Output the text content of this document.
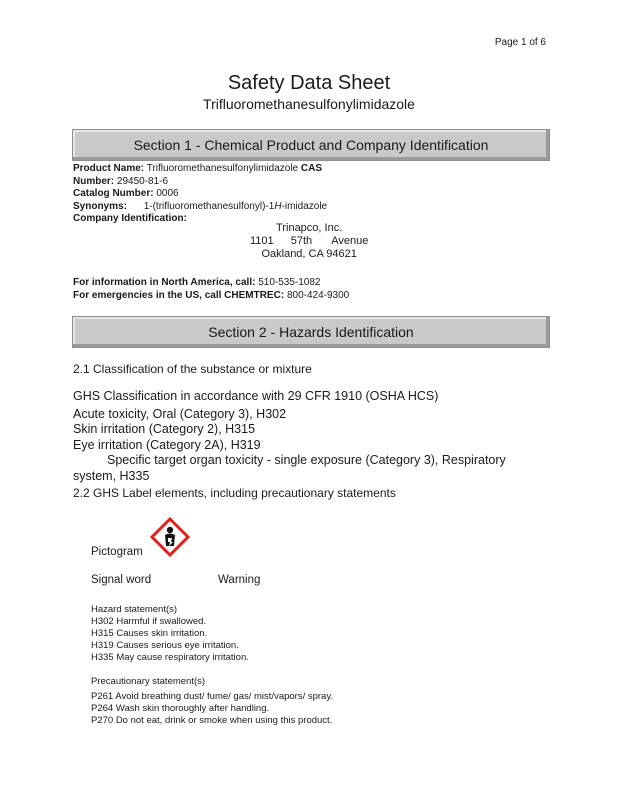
Page 1 of 6
Safety Data Sheet
Trifluoromethanesulfonylimidazole
Section 1 - Chemical Product and Company Identification
Product Name: Trifluoromethanesulfonylimidazole CAS
Number: 29450-81-6
Catalog Number: 0006
Synonyms: 1-(trifluoromethanesulfonyl)-1H-imidazole
Company Identification:
Trinapco, Inc.
1101 57th Avenue
Oakland, CA 94621
For information in North America, call: 510-535-1082
For emergencies in the US, call CHEMTREC: 800-424-9300
Section 2 - Hazards Identification
2.1 Classification of the substance or mixture
GHS Classification in accordance with 29 CFR 1910 (OSHA HCS)
Acute toxicity, Oral (Category 3), H302
Skin irritation (Category 2), H315
Eye irritation (Category 2A), H319
Specific target organ toxicity - single exposure (Category 3), Respiratory
system, H335
2.2 GHS Label elements, including precautionary statements
Pictogram
Signal word	Warning
Hazard statement(s)
H302 Harmful if swallowed.
H315 Causes skin irritation.
H319 Causes serious eye irritation.
H335 May cause respiratory irritation.
Precautionary statement(s)
P261 Avoid breathing dust/ fume/ gas/ mist/vapors/ spray.
P264 Wash skin thoroughly after handling.
P270 Do not eat, drink or smoke when using this product.
